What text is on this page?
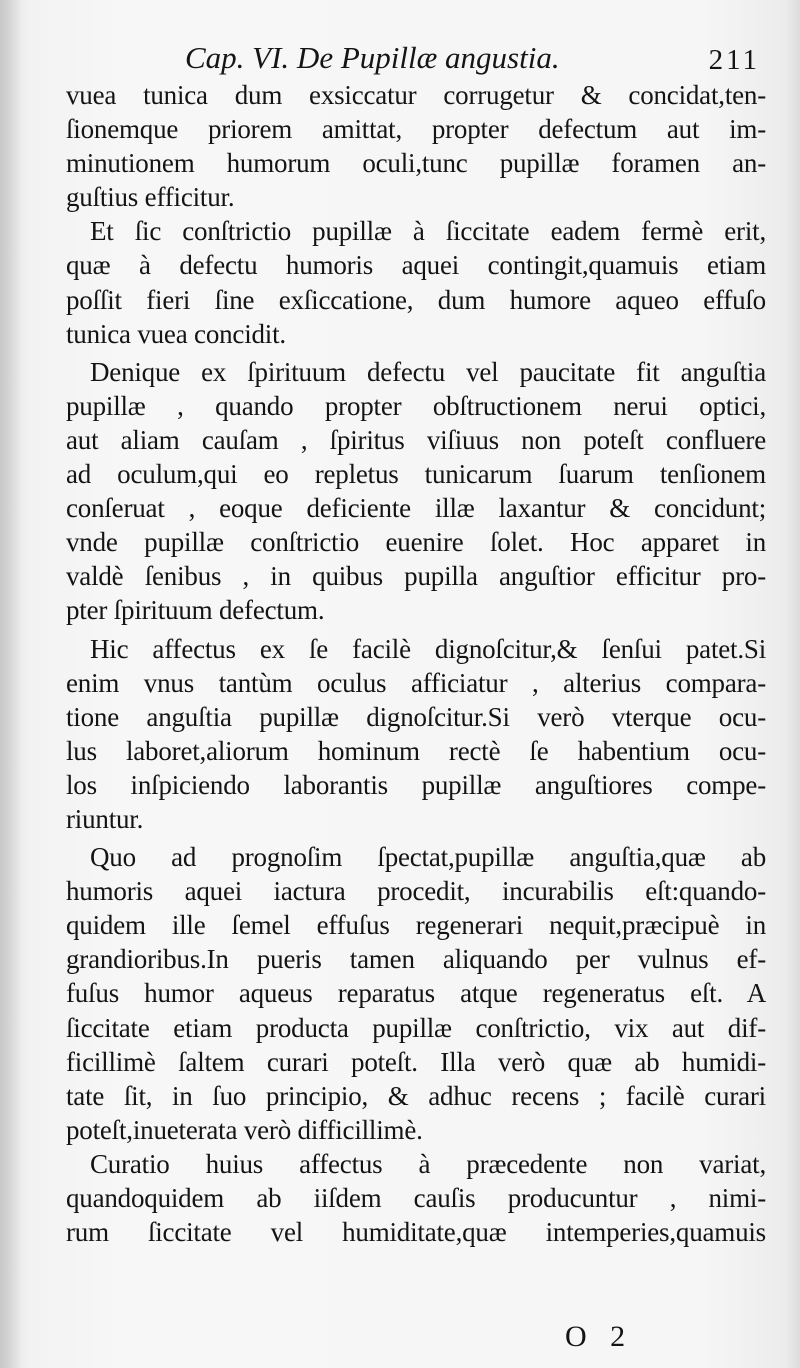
Cap. VI. De Pupillæ angustia.	211
vuea tunica dum exsiccatur corrugetur & concidat,ten-
ſionemque priorem amittat, propter defectum aut im-
minutionem humorum oculi,tunc pupillæ foramen an-
guſtius efficitur.
Et ſic conſtrictio pupillæ à ſiccitate eadem fermè erit,
quæ à defectu humoris aquei contingit,quamuis etiam
poſſit fieri ſine exſiccatione, dum humore aqueo effuſo
tunica vuea concidit.
Denique ex ſpirituum defectu vel paucitate fit anguſtia
pupillæ , quando propter obſtructionem nerui optici,
aut aliam cauſam , ſpiritus viſiuus non poteſt confluere
ad oculum,qui eo repletus tunicarum ſuarum tenſionem
conſeruat , eoque deficiente illæ laxantur & concidunt;
vnde pupillæ conſtrictio euenire ſolet. Hoc apparet in
valdè ſenibus , in quibus pupilla anguſtior efficitur pro-
pter ſpirituum defectum.
Hic affectus ex ſe facilè dignoſcitur,& ſenſui patet.Si
enim vnus tantùm oculus afficiatur , alterius compara-
tione anguſtia pupillæ dignoſcitur.Si verò vterque ocu-
lus laboret,aliorum hominum rectè ſe habentium ocu-
los inſpiciendo laborantis pupillæ anguſtiores compe-
riuntur.
Quo ad prognoſim ſpectat,pupillæ anguſtia,quæ ab
humoris aquei iactura procedit, incurabilis eſt:quando-
quidem ille ſemel effuſus regenerari nequit,præcipuè in
grandioribus.In pueris tamen aliquando per vulnus ef-
fuſus humor aqueus reparatus atque regeneratus eſt. A
ſiccitate etiam producta pupillæ conſtrictio, vix aut dif-
ficillimè ſaltem curari poteſt. Illa verò quæ ab humidi-
tate ſit, in ſuo principio, & adhuc recens ; facilè curari
poteſt,inueterata verò difficillimè.
Curatio huius affectus à præcedente non variat,
quandoquidem ab iiſdem cauſis producuntur , nimi-
rum ſiccitate vel humiditate,quæ intemperies,quamuis
O 2
